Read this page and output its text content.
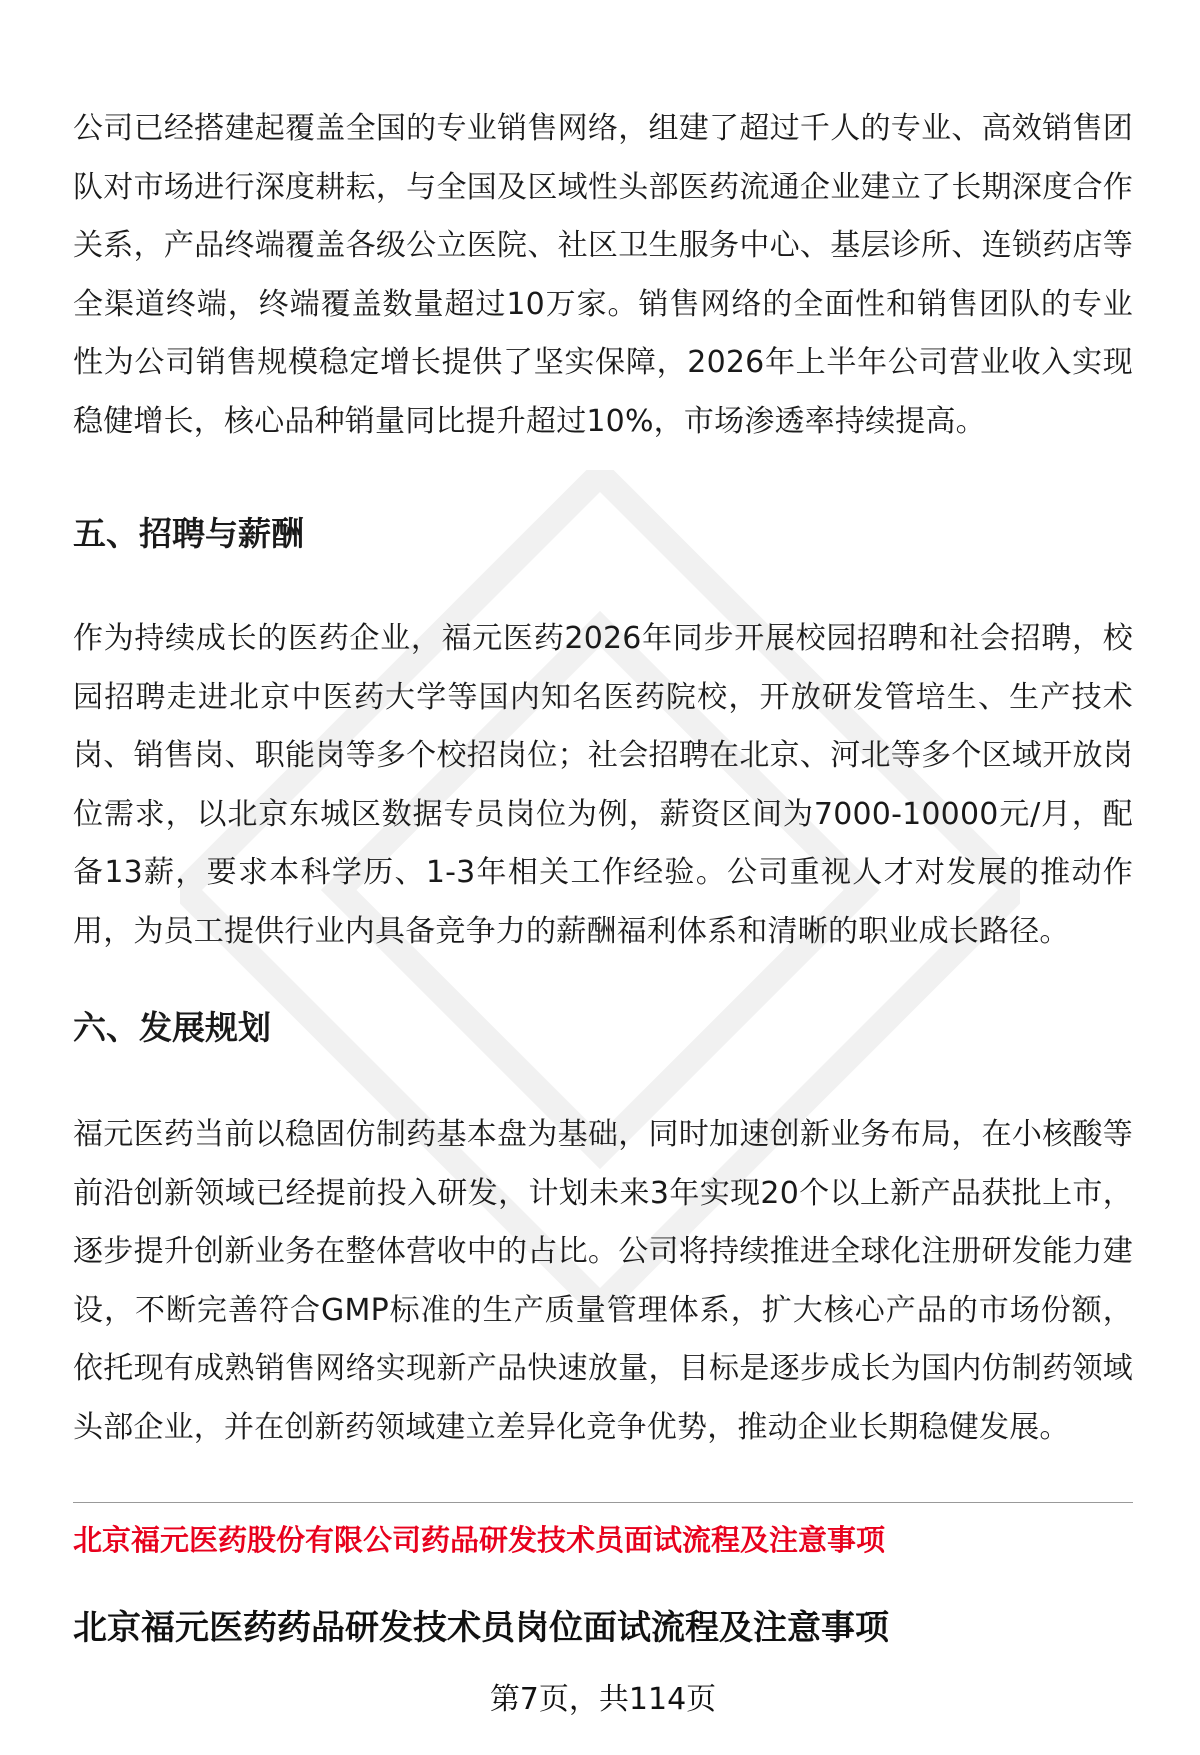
公司已经搭建起覆盖全国的专业销售网络，组建了超过千人的专业、高效销售团队对市场进行深度耕耘，与全国及区域性头部医药流通企业建立了长期深度合作关系，产品终端覆盖各级公立医院、社区卫生服务中心、基层诊所、连锁药店等全渠道终端，终端覆盖数量超过10万家。销售网络的全面性和销售团队的专业性为公司销售规模稳定增长提供了坚实保障，2026年上半年公司营业收入实现稳健增长，核心品种销量同比提升超过10%，市场渗透率持续提高。

五、招聘与薪酬

作为持续成长的医药企业，福元医药2026年同步开展校园招聘和社会招聘，校园招聘走进北京中医药大学等国内知名医药院校，开放研发管培生、生产技术岗、销售岗、职能岗等多个校招岗位；社会招聘在北京、河北等多个区域开放岗位需求，以北京东城区数据专员岗位为例，薪资区间为7000-10000元/月，配备13薪，要求本科学历、1-3年相关工作经验。公司重视人才对发展的推动作用，为员工提供行业内具备竞争力的薪酬福利体系和清晰的职业成长路径。

六、发展规划

福元医药当前以稳固仿制药基本盘为基础，同时加速创新业务布局，在小核酸等前沿创新领域已经提前投入研发，计划未来3年实现20个以上新产品获批上市，逐步提升创新业务在整体营收中的占比。公司将持续推进全球化注册研发能力建设，不断完善符合GMP标准的生产质量管理体系，扩大核心产品的市场份额，依托现有成熟销售网络实现新产品快速放量，目标是逐步成长为国内仿制药领域头部企业，并在创新药领域建立差异化竞争优势，推动企业长期稳健发展。

北京福元医药股份有限公司药品研发技术员面试流程及注意事项
北京福元医药药品研发技术员岗位面试流程及注意事项
第7页，共114页
